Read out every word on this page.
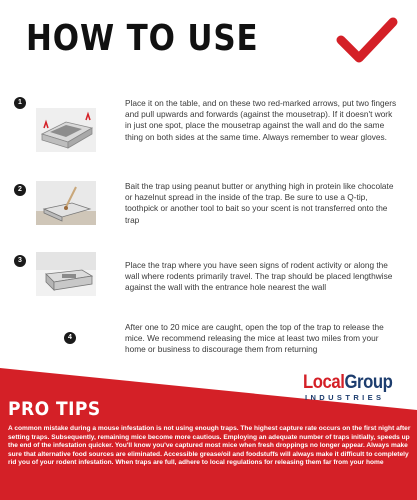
HOW TO USE
1	Place it on the table, and on these two red-marked arrows, put two fingers and pull upwards and forwards (against the mousetrap). If it doesn't work in just one spot, place the mousetrap against the wall and do the same thing on both sides at the same time. Always remember to wear gloves.

2	Bait the trap using peanut butter or anything high in protein like chocolate or hazelnut spread in the inside of the trap. Be sure to use a Q-tip, toothpick or another tool to bait so your scent is not transferred onto the trap

3	Place the trap where you have seen signs of rodent activity or along the wall where rodents primarily travel. The trap should be placed lengthwise against the wall with the entrance hole nearest the wall

4

After one to 20 mice are caught, open the top of the trap to release the mice. We recommend releasing the mice at least two miles from your home or business to discourage them from returning

LocalGroup
INDUSTRIES
PRO TIPS

A common mistake during a mouse infestation is not using enough traps. The highest capture rate occurs on the first night after setting traps. Subsequently, remaining mice become more cautious. Employing an adequate number of traps initially, speeds up the end of the infestation quicker. You'll know you've captured most mice when fresh droppings no longer appear. Always make sure that alternative food sources are eliminated. Accessible grease/oil and foodstuffs will always make it difficult to completely rid you of your rodent infestation. When traps are full, adhere to local regulations for releasing them far from your home
